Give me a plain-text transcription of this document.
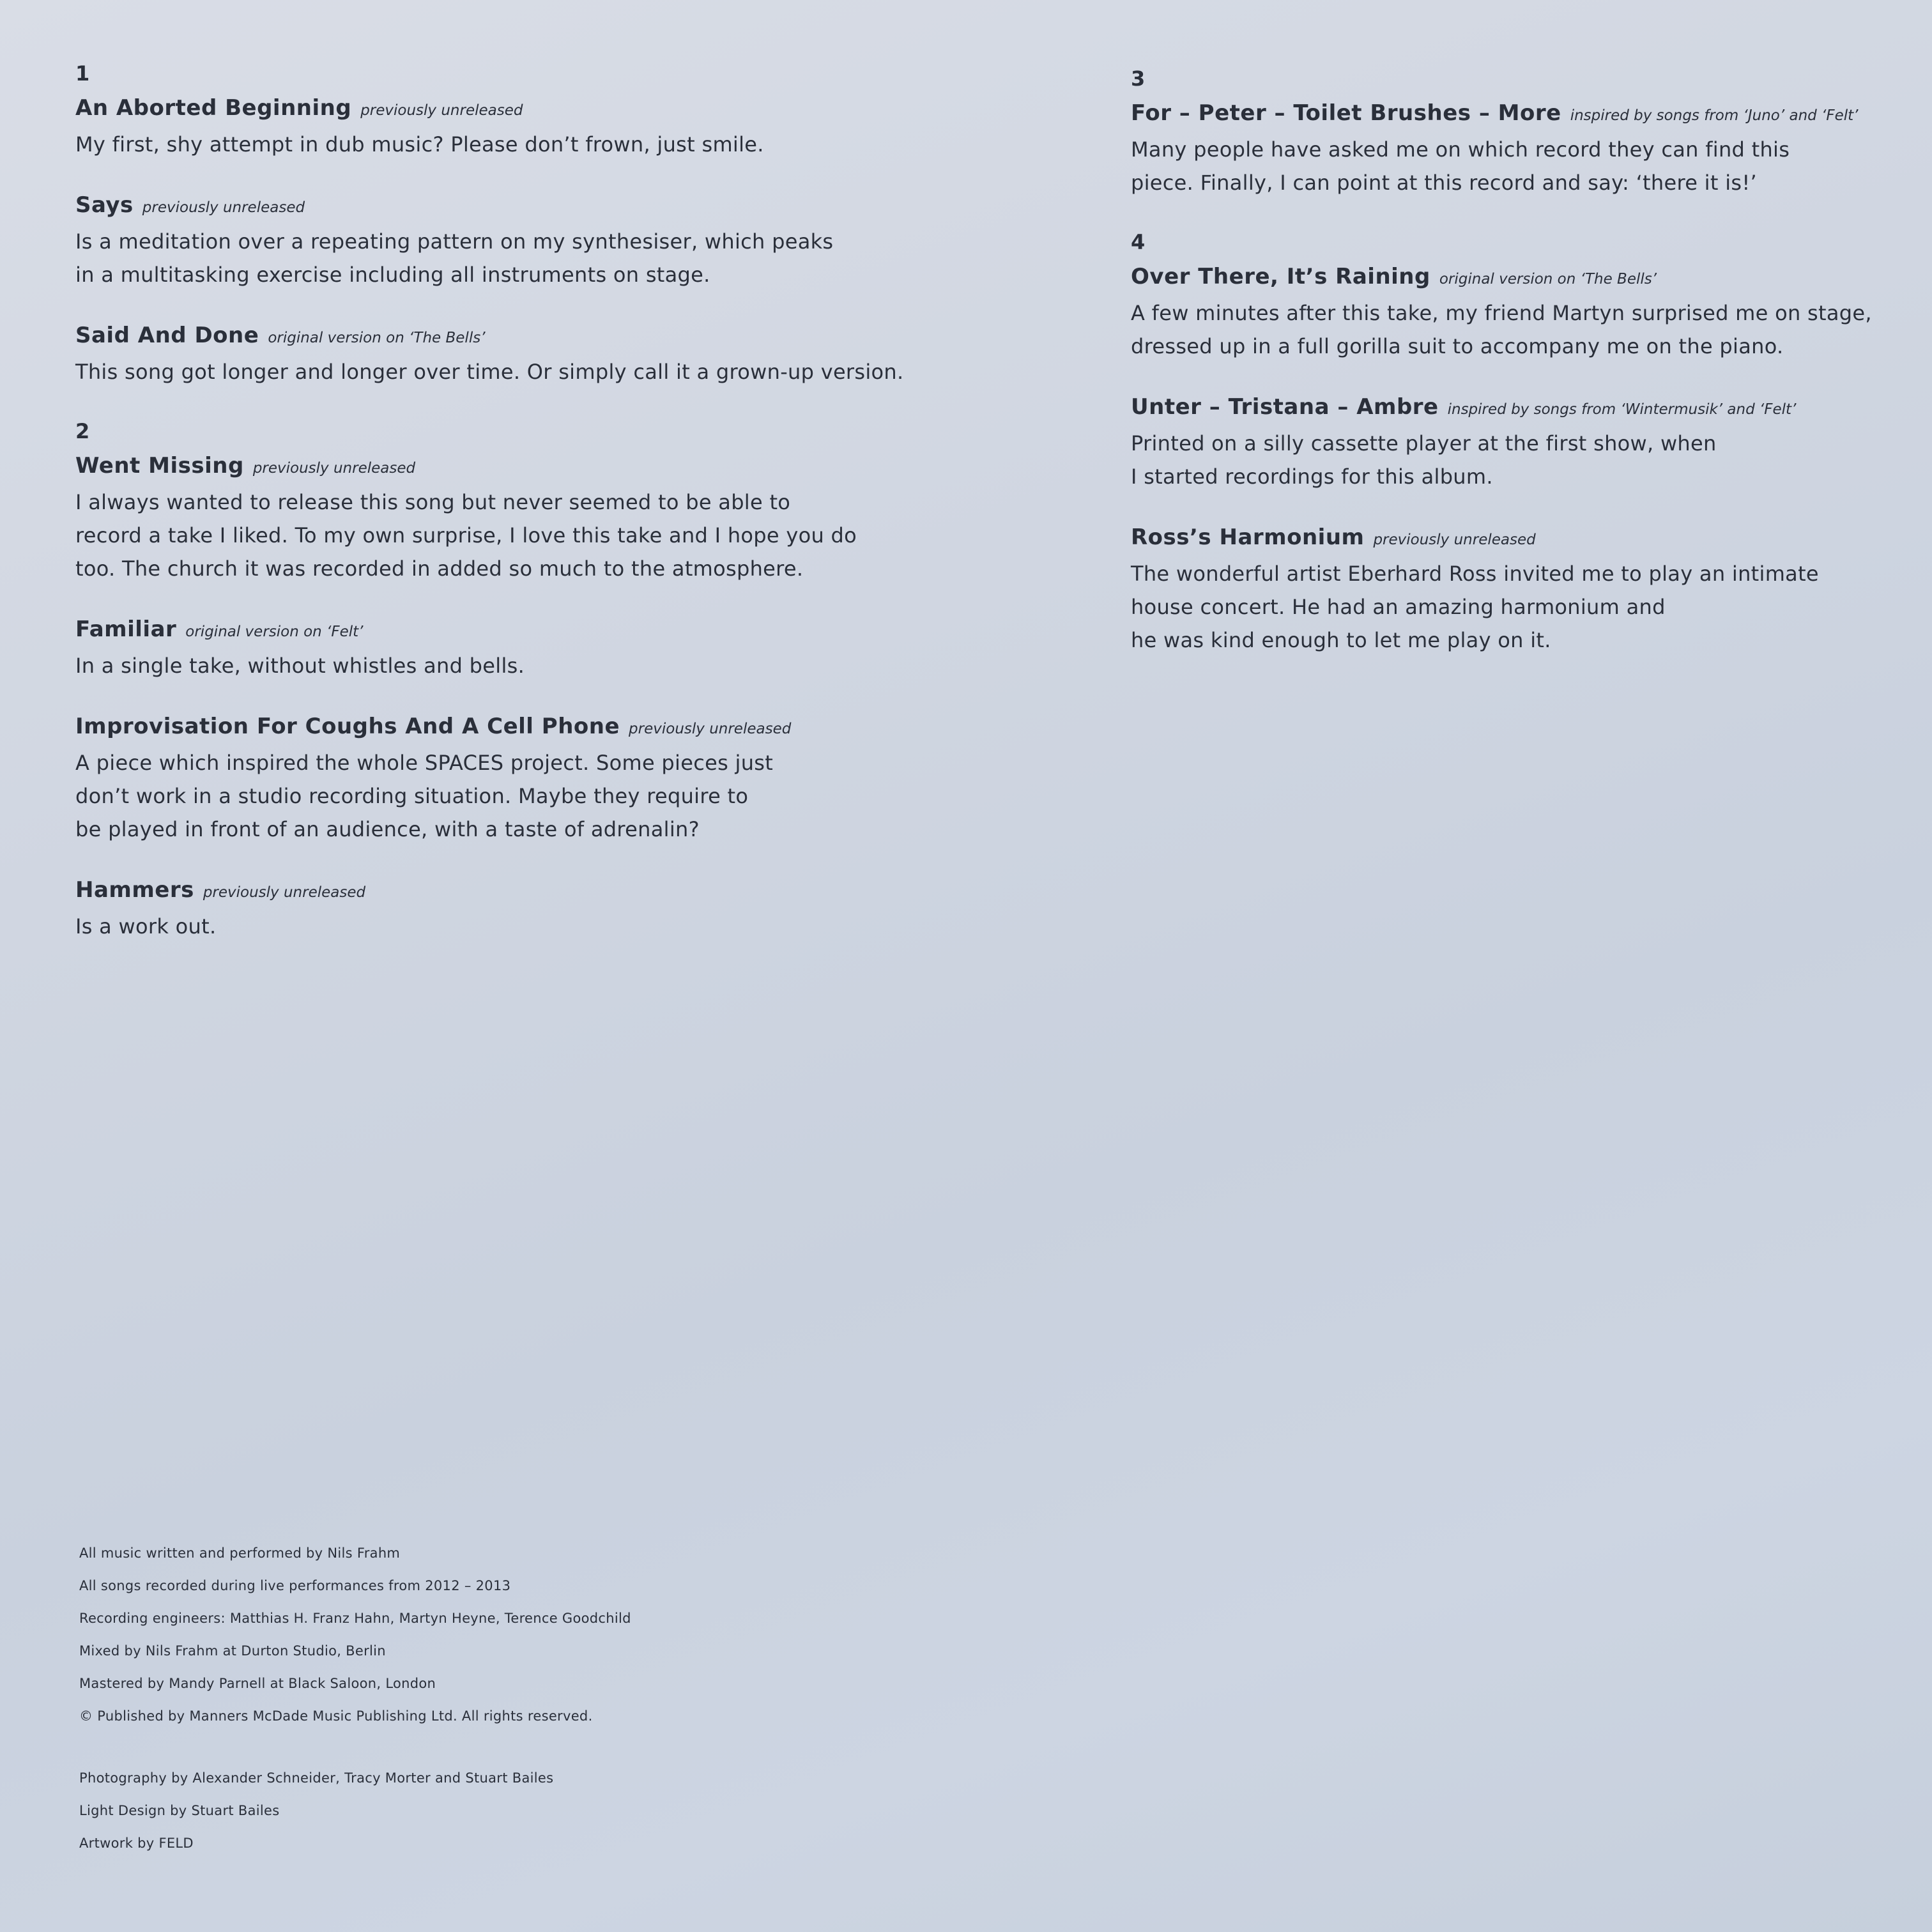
1
An Aborted Beginning previously unreleased

My first, shy attempt in dub music? Please don’t frown, just smile.

Says previously unreleased

Is a meditation over a repeating pattern on my synthesiser, which peaks
in a multitasking exercise including all instruments on stage.

Said And Done original version on ‘The Bells’

This song got longer and longer over time. Or simply call it a grown-up version.

2
Went Missing previously unreleased

I always wanted to release this song but never seemed to be able to
record a take I liked. To my own surprise, I love this take and I hope you do
too. The church it was recorded in added so much to the atmosphere.

Familiar original version on ‘Felt’

In a single take, without whistles and bells.

Improvisation For Coughs And A Cell Phone previously unreleased

A piece which inspired the whole SPACES project. Some pieces just
don’t work in a studio recording situation. Maybe they require to
be played in front of an audience, with a taste of adrenalin?

Hammers previously unreleased

Is a work out.

3
For – Peter – Toilet Brushes – More inspired by songs from ‘Juno’ and ‘Felt’

Many people have asked me on which record they can find this
piece. Finally, I can point at this record and say: ‘there it is!’

4
Over There, It’s Raining original version on ‘The Bells’

A few minutes after this take, my friend Martyn surprised me on stage,
dressed up in a full gorilla suit to accompany me on the piano.

Unter – Tristana – Ambre inspired by songs from ‘Wintermusik’ and ‘Felt’

Printed on a silly cassette player at the first show, when
I started recordings for this album.

Ross’s Harmonium previously unreleased

The wonderful artist Eberhard Ross invited me to play an intimate
house concert. He had an amazing harmonium and
he was kind enough to let me play on it.

All music written and performed by Nils Frahm
All songs recorded during live performances from 2012 – 2013
Recording engineers: Matthias H. Franz Hahn, Martyn Heyne, Terence Goodchild
Mixed by Nils Frahm at Durton Studio, Berlin
Mastered by Mandy Parnell at Black Saloon, London
© Published by Manners McDade Music Publishing Ltd. All rights reserved.
Photography by Alexander Schneider, Tracy Morter and Stuart Bailes
Light Design by Stuart Bailes
Artwork by FELD
